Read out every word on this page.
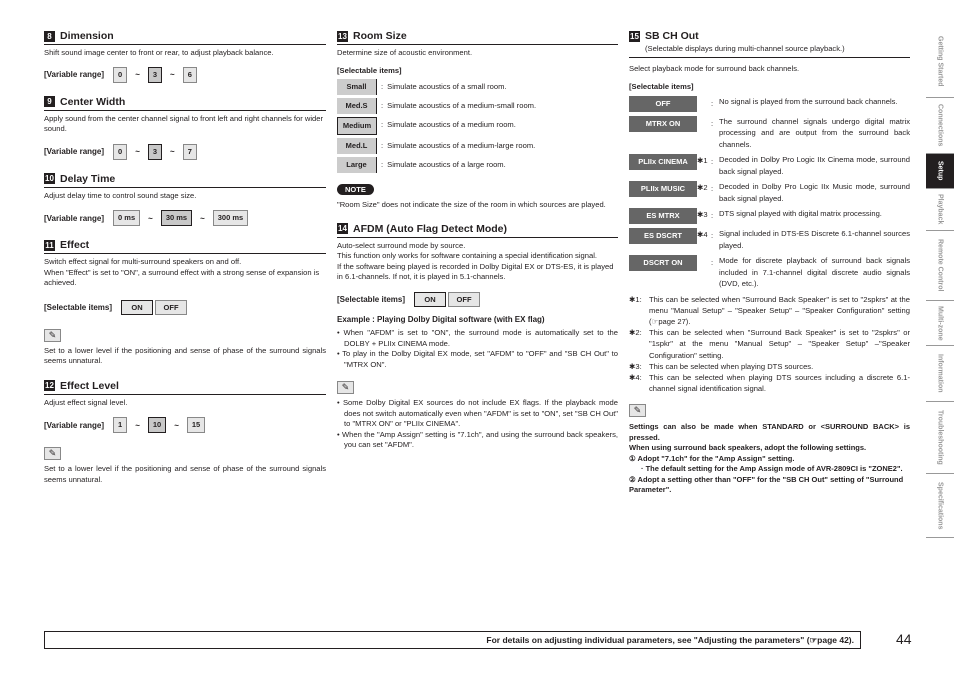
8 Dimension
Shift sound image center to front or rear, to adjust playback balance.
[Variable range]	0	~	3	~	6
9 Center Width
Apply sound from the center channel signal to front left and right channels for wider sound.
[Variable range]	0	~	3	~	7
10 Delay Time
Adjust delay time to control sound stage size.
[Variable range]	0 ms	~	30 ms	~	300 ms
11 Effect
Switch effect signal for multi-surround speakers on and off.
When "Effect" is set to "ON", a surround effect with a strong sense of expansion is achieved.
[Selectable items]	ON	OFF
✎
Set to a lower level if the positioning and sense of phase of the surround signals seems unnatural.
12 Effect Level
Adjust effect signal level.
[Variable range]	1	~	10	~	15
✎
Set to a lower level if the positioning and sense of phase of the surround signals seems unnatural.
13 Room Size
Determine size of acoustic environment.
[Selectable items]
Small	: Simulate acoustics of a small room.
Med.S	: Simulate acoustics of a medium-small room.
Medium	: Simulate acoustics of a medium room.
Med.L	: Simulate acoustics of a medium-large room.
Large	: Simulate acoustics of a large room.
NOTE
"Room Size" does not indicate the size of the room in which sources are played.
14 AFDM (Auto Flag Detect Mode)
Auto-select surround mode by source.
This function only works for software containing a special identification signal.
If the software being played is recorded in Dolby Digital EX or DTS-ES, it is played in 6.1-channels. If not, it is played in 5.1-channels.
[Selectable items]	ON	OFF
Example : Playing Dolby Digital software (with EX flag)
• When "AFDM" is set to "ON", the surround mode is automatically set to the DOLBY + PLIIx CINEMA mode.
• To play in the Dolby Digital EX mode, set "AFDM" to "OFF" and "SB CH Out" to "MTRX ON".
✎
• Some Dolby Digital EX sources do not include EX flags. If the playback mode does not switch automatically even when "AFDM" is set to "ON", set "SB CH Out" to "MTRX ON" or "PLIIx CINEMA".
• When the "Amp Assign" setting is "7.1ch", and using the surround back speakers, you can set "AFDM".
15 SB CH Out
(Selectable displays during multi-channel source playback.)
Select playback mode for surround back channels.
[Selectable items]
OFF	: No signal is played from the surround back channels.
MTRX ON	: The surround channel signals undergo digital matrix processing and are output from the surround back channels.
PLIIx CINEMA	✱1 : Decoded in Dolby Pro Logic IIx Cinema mode, surround back signal played.
PLIIx MUSIC	✱2 : Decoded in Dolby Pro Logic IIx Music mode, surround back signal played.
ES MTRX	✱3 : DTS signal played with digital matrix processing.
ES DSCRT	✱4 : Signal included in DTS-ES Discrete 6.1-channel sources played.
DSCRT ON	: Mode for discrete playback of surround back signals included in 7.1-channel digital discrete audio signals (DVD, etc.).
✱1: This can be selected when "Surround Back Speaker" is set to "2spkrs" at the menu "Manual Setup" – "Speaker Setup" – "Speaker Configuration" setting (☞page 27).
✱2: This can be selected when "Surround Back Speaker" is set to "2spkrs" or "1spkr" at the menu "Manual Setup" – "Speaker Setup" –"Speaker Configuration" setting.
✱3: This can be selected when playing DTS sources.
✱4: This can be selected when playing DTS sources including a discrete 6.1-channel signal identification signal.
✎
Settings can also be made when STANDARD or <SURROUND BACK> is pressed.
When using surround back speakers, adopt the following settings.
① Adopt "7.1ch" for the "Amp Assign" setting.
· The default setting for the Amp Assign mode of AVR-2809CI is "ZONE2".
② Adopt a setting other than "OFF" for the "SB CH Out" setting of "Surround Parameter".
Getting Started
Connections
Setup
Playback
Remote Control
Multi-zone
Information
Troubleshooting
Specifications
For details on adjusting individual parameters, see "Adjusting the parameters" (☞page 42).	44
